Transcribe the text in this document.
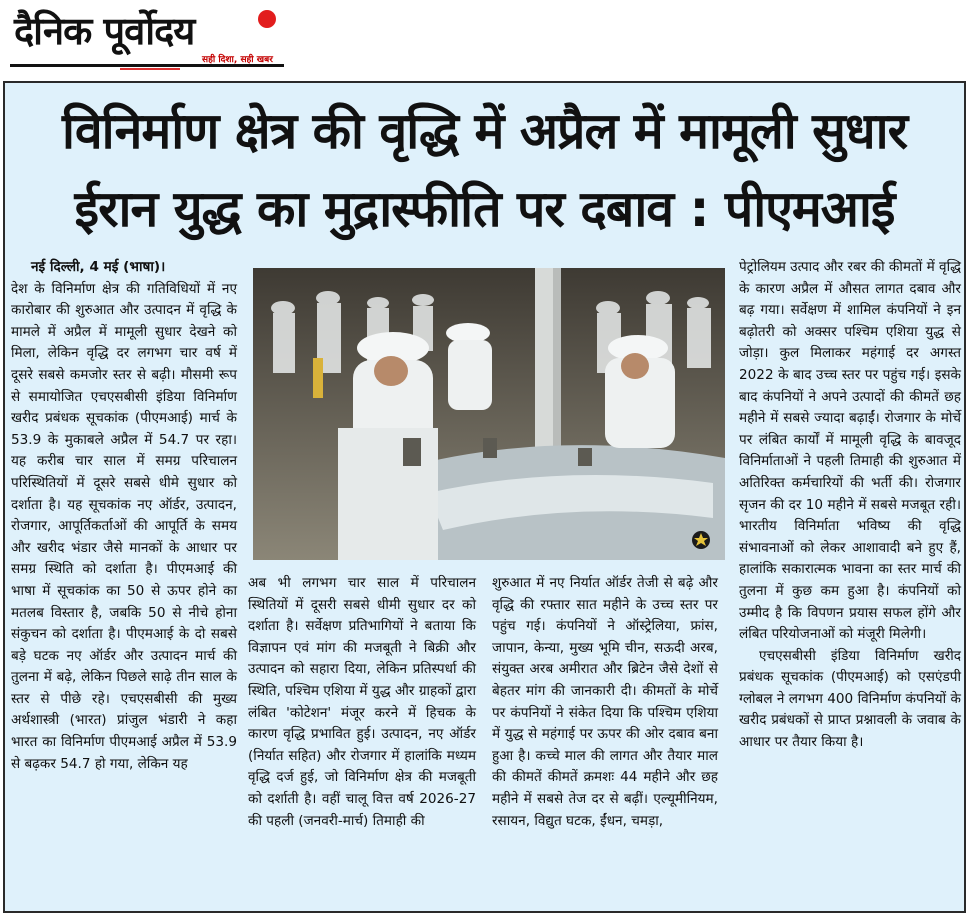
दैनिक पूर्वोदय
सही दिशा, सही खबर
विनिर्माण क्षेत्र की वृद्धि में अप्रैल में मामूली सुधार
ईरान युद्ध का मुद्रास्फीति पर दबाव : पीएमआई
नई दिल्ली, 4 मई (भाषा)।
देश के विनिर्माण क्षेत्र की गतिविधियों में नए कारोबार की शुरुआत और उत्पादन में वृद्धि के मामले में अप्रैल में मामूली सुधार देखने को मिला, लेकिन वृद्धि दर लगभग चार वर्ष में दूसरे सबसे कमजोर स्तर से बढ़ी। मौसमी रूप से समायोजित एचएसबीसी इंडिया विनिर्माण खरीद प्रबंधक सूचकांक (पीएमआई) मार्च के 53.9 के मुकाबले अप्रैल में 54.7 पर रहा। यह करीब चार साल में समग्र परिचालन परिस्थितियों में दूसरे सबसे धीमे सुधार को दर्शाता है। यह सूचकांक नए ऑर्डर, उत्पादन, रोजगार, आपूर्तिकर्ताओं की आपूर्ति के समय और खरीद भंडार जैसे मानकों के आधार पर समग्र स्थिति को दर्शाता है। पीएमआई की भाषा में सूचकांक का 50 से ऊपर होने का मतलब विस्तार है, जबकि 50 से नीचे होना संकुचन को दर्शाता है। पीएमआई के दो सबसे बड़े घटक नए ऑर्डर और उत्पादन मार्च की तुलना में बढ़े, लेकिन पिछले साढ़े तीन साल के स्तर से पीछे रहे। एचएसबीसी की मुख्य अर्थशास्त्री (भारत) प्रांजुल भंडारी ने कहा भारत का विनिर्माण पीएमआई अप्रैल में 53.9 से बढ़कर 54.7 हो गया, लेकिन यह
अब भी लगभग चार साल में परिचालन स्थितियों में दूसरी सबसे धीमी सुधार दर को दर्शाता है। सर्वेक्षण प्रतिभागियों ने बताया कि विज्ञापन एवं मांग की मजबूती ने बिक्री और उत्पादन को सहारा दिया, लेकिन प्रतिस्पर्धा की स्थिति, पश्चिम एशिया में युद्ध और ग्राहकों द्वारा लंबित 'कोटेशन' मंजूर करने में हिचक के कारण वृद्धि प्रभावित हुई। उत्पादन, नए ऑर्डर (निर्यात सहित) और रोजगार में हालांकि मध्यम वृद्धि दर्ज हुई, जो विनिर्माण क्षेत्र की मजबूती को दर्शाती है। वहीं चालू वित्त वर्ष 2026-27 की पहली (जनवरी-मार्च) तिमाही की
शुरुआत में नए निर्यात ऑर्डर तेजी से बढ़े और वृद्धि की रफ्तार सात महीने के उच्च स्तर पर पहुंच गई। कंपनियों ने ऑस्ट्रेलिया, फ्रांस, जापान, केन्या, मुख्य भूमि चीन, सऊदी अरब, संयुक्त अरब अमीरात और ब्रिटेन जैसे देशों से बेहतर मांग की जानकारी दी। कीमतों के मोर्चे पर कंपनियों ने संकेत दिया कि पश्चिम एशिया में युद्ध से महंगाई पर ऊपर की ओर दबाव बना हुआ है। कच्चे माल की लागत और तैयार माल की कीमतें कीमतें क्रमशः 44 महीने और छह महीने में सबसे तेज दर से बढ़ीं। एल्यूमीनियम, रसायन, विद्युत घटक, ईंधन, चमड़ा,
पेट्रोलियम उत्पाद और रबर की कीमतों में वृद्धि के कारण अप्रैल में औसत लागत दबाव और बढ़ गया। सर्वेक्षण में शामिल कंपनियों ने इन बढ़ोतरी को अक्सर पश्चिम एशिया युद्ध से जोड़ा। कुल मिलाकर महंगाई दर अगस्त 2022 के बाद उच्च स्तर पर पहुंच गई। इसके बाद कंपनियों ने अपने उत्पादों की कीमतें छह महीने में सबसे ज्यादा बढ़ाईं। रोजगार के मोर्चे पर लंबित कार्यों में मामूली वृद्धि के बावजूद विनिर्माताओं ने पहली तिमाही की शुरुआत में अतिरिक्त कर्मचारियों की भर्ती की। रोजगार सृजन की दर 10 महीने में सबसे मजबूत रही। भारतीय विनिर्माता भविष्य की वृद्धि संभावनाओं को लेकर आशावादी बने हुए हैं, हालांकि सकारात्मक भावना का स्तर मार्च की तुलना में कुछ कम हुआ है। कंपनियों को उम्मीद है कि विपणन प्रयास सफल होंगे और लंबित परियोजनाओं को मंजूरी मिलेगी।
एचएसबीसी इंडिया विनिर्माण खरीद प्रबंधक सूचकांक (पीएमआई) को एसएंडपी ग्लोबल ने लगभग 400 विनिर्माण कंपनियों के खरीद प्रबंधकों से प्राप्त प्रश्नावली के जवाब के आधार पर तैयार किया है।
